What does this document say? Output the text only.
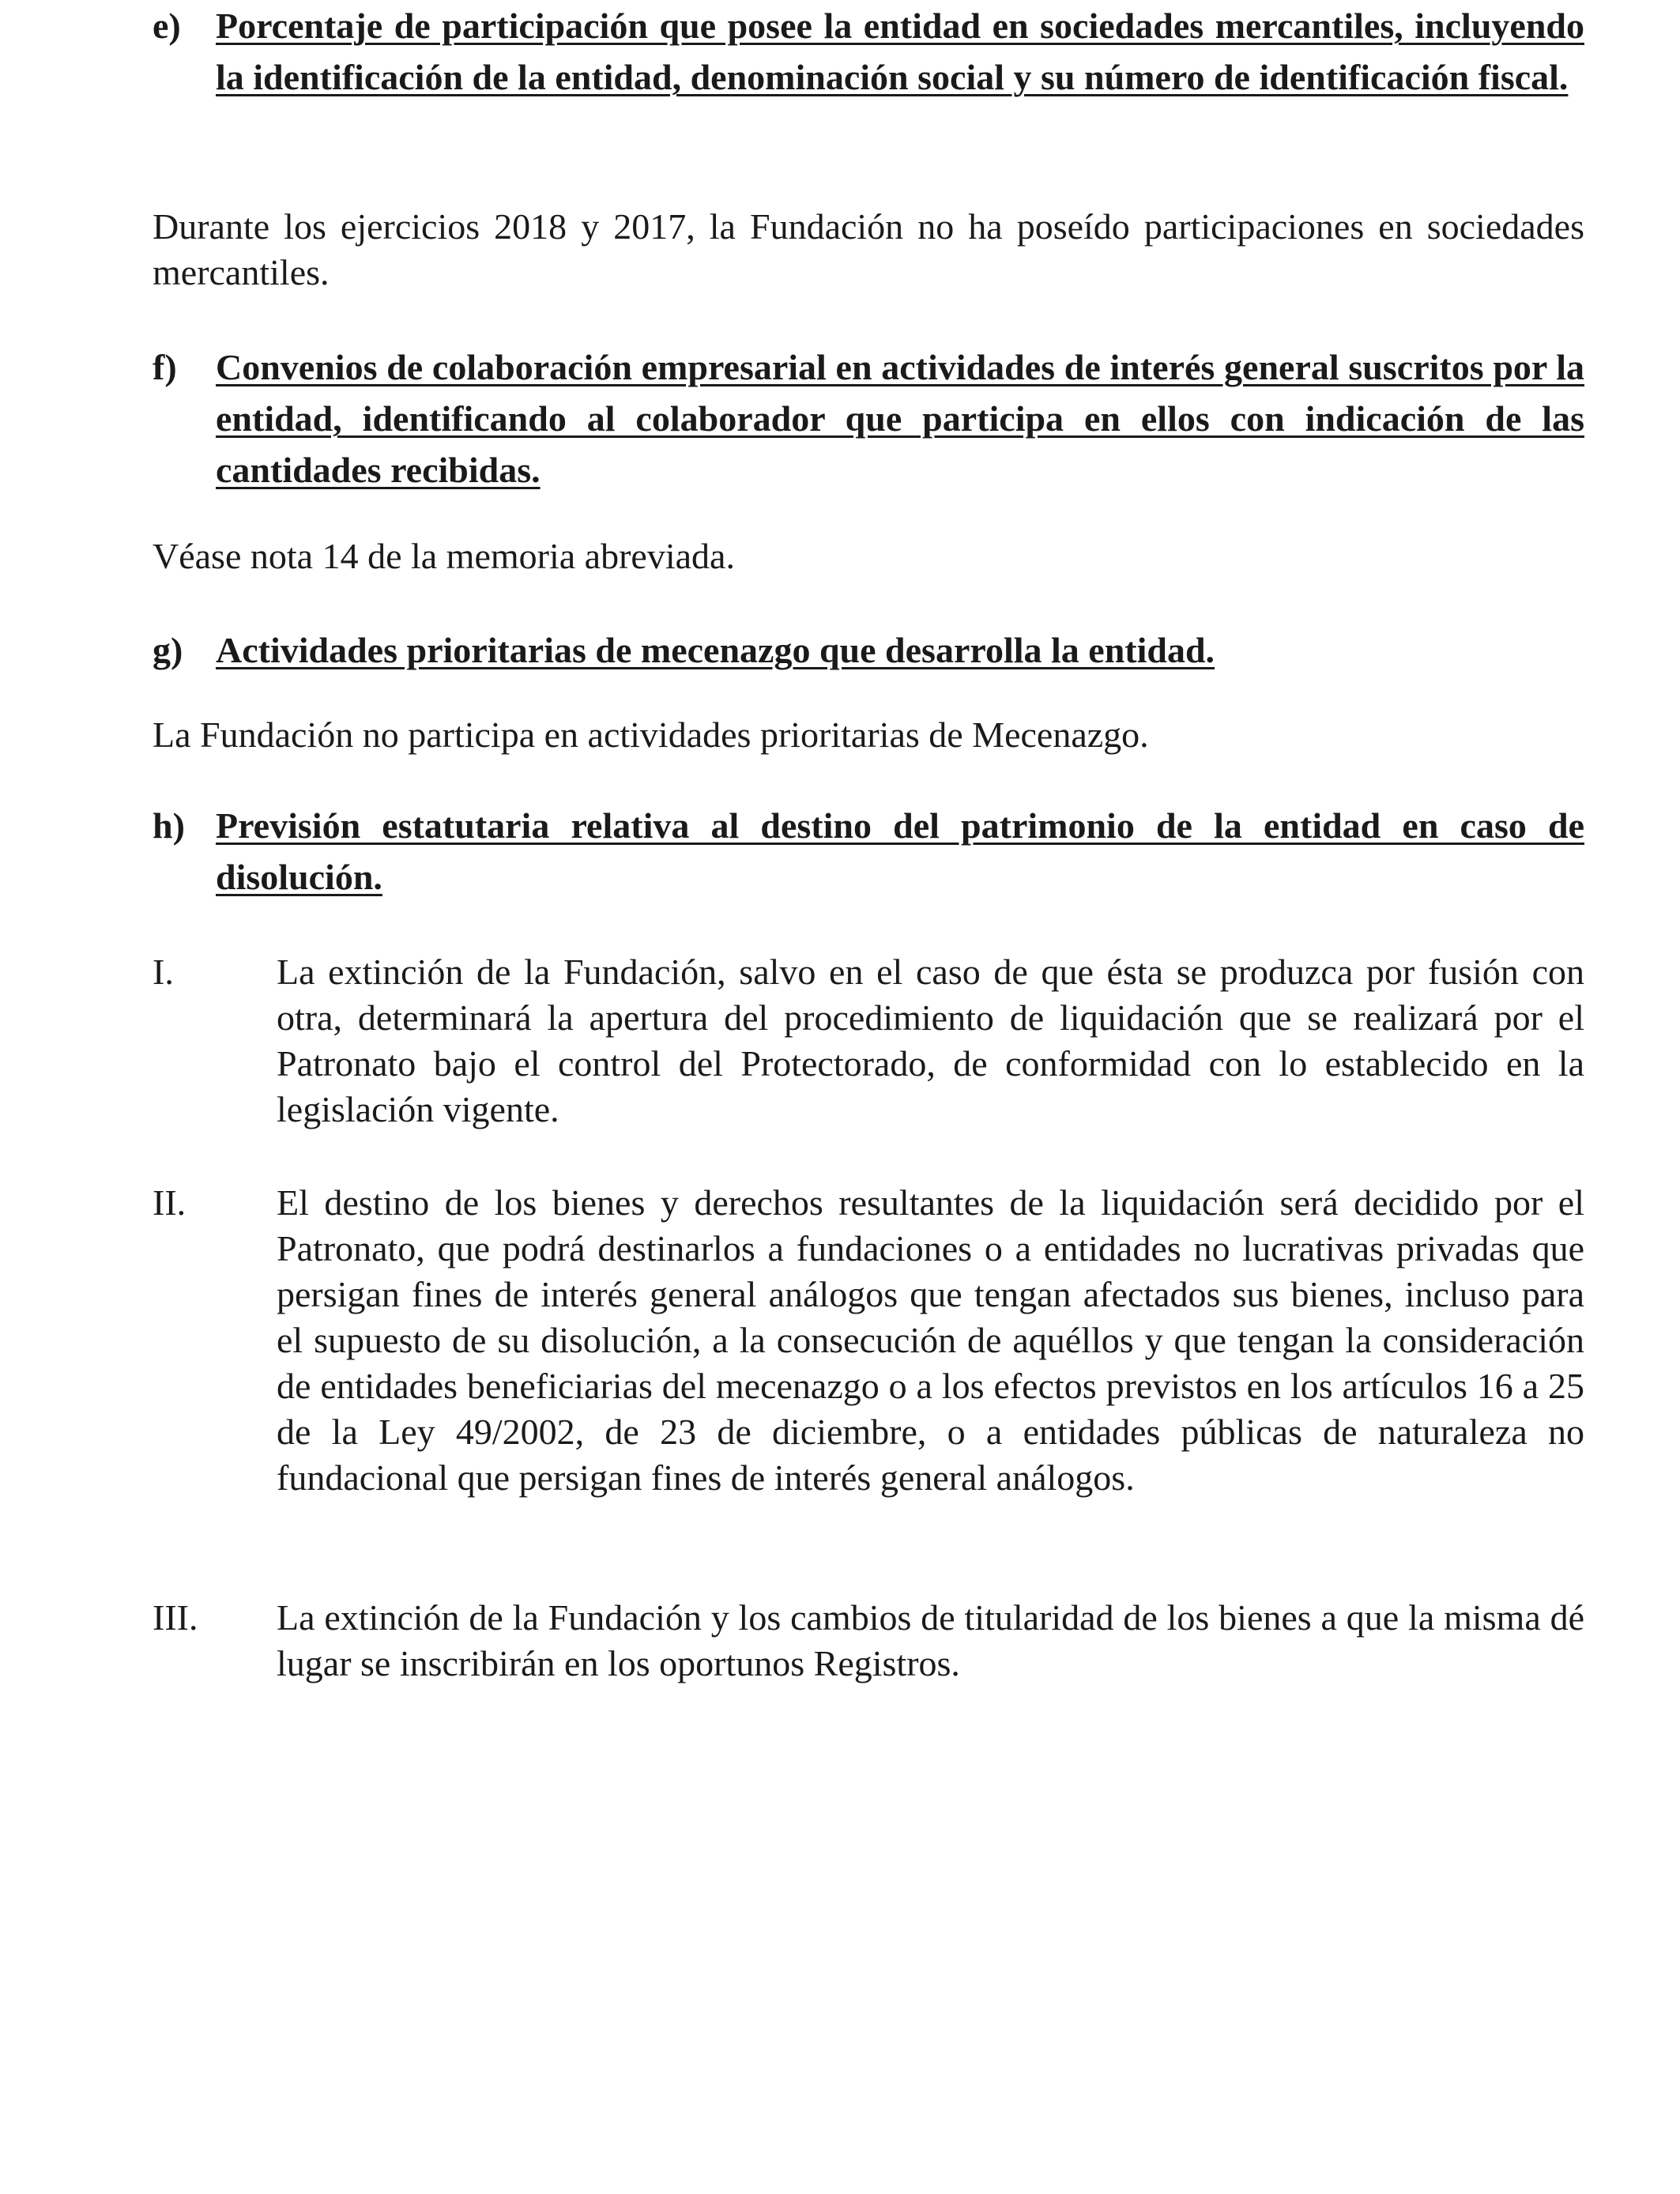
e) Porcentaje de participación que posee la entidad en sociedades mercantiles, incluyendo la identificación de la entidad, denominación social y su número de identificación fiscal.
Durante los ejercicios 2018 y 2017, la Fundación no ha poseído participaciones en sociedades mercantiles.
f) Convenios de colaboración empresarial en actividades de interés general suscritos por la entidad, identificando al colaborador que participa en ellos con indicación de las cantidades recibidas.
Véase nota 14 de la memoria abreviada.
g) Actividades prioritarias de mecenazgo que desarrolla la entidad.
La Fundación no participa en actividades prioritarias de Mecenazgo.
h) Previsión estatutaria relativa al destino del patrimonio de la entidad en caso de disolución.
I.	La extinción de la Fundación, salvo en el caso de que ésta se produzca por fusión con otra, determinará la apertura del procedimiento de liquidación que se realizará por el Patronato bajo el control del Protectorado, de conformidad con lo establecido en la legislación vigente.
II. El destino de los bienes y derechos resultantes de la liquidación será decidido por el Patronato, que podrá destinarlos a fundaciones o a entidades no lucrativas privadas que persigan fines de interés general análogos que tengan afectados sus bienes, incluso para el supuesto de su disolución, a la consecución de aquéllos y que tengan la consideración de entidades beneficiarias del mecenazgo o a los efectos previstos en los artículos 16 a 25 de la Ley 49/2002, de 23 de diciembre, o a entidades públicas de naturaleza no fundacional que persigan fines de interés general análogos.
III. La extinción de la Fundación y los cambios de titularidad de los bienes a que la misma dé lugar se inscribirán en los oportunos Registros.
